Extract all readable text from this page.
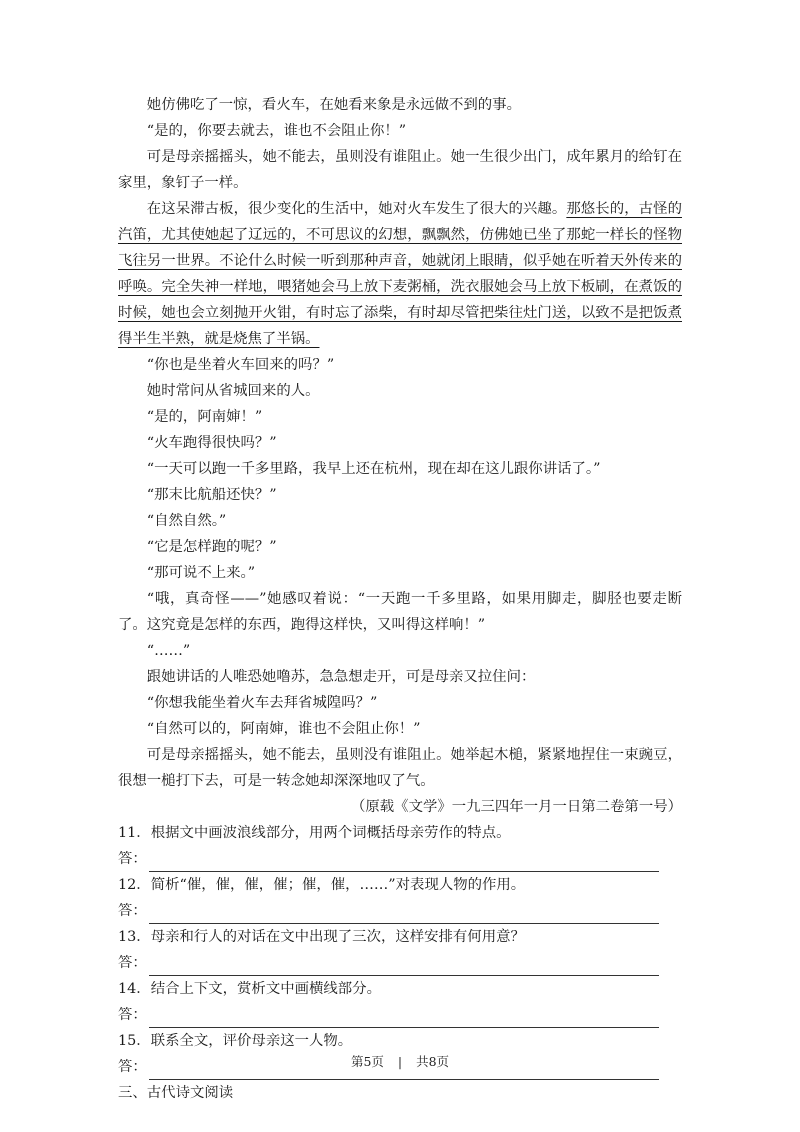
她仿佛吃了一惊，看火车，在她看来象是永远做不到的事。

“是的，你要去就去，谁也不会阻止你！”

可是母亲摇摇头，她不能去，虽则没有谁阻止。她一生很少出门，成年累月的给钉在家里，象钉子一样。

在这呆滞古板，很少变化的生活中，她对火车发生了很大的兴趣。那悠长的，古怪的汽笛，尤其使她起了辽远的，不可思议的幻想，飘飘然，仿佛她已坐了那蛇一样长的怪物飞往另一世界。不论什么时候一听到那种声音，她就闭上眼睛，似乎她在听着天外传来的呼唤。完全失神一样地，喂猪她会马上放下麦粥桶，洗衣服她会马上放下板刷，在煮饭的时候，她也会立刻抛开火钳，有时忘了添柴，有时却尽管把柴往灶门送，以致不是把饭煮得半生半熟，就是烧焦了半锅。

“你也是坐着火车回来的吗？”

她时常问从省城回来的人。

“是的，阿南婶！”

“火车跑得很快吗？”

“一天可以跑一千多里路，我早上还在杭州，现在却在这儿跟你讲话了。”

“那末比航船还快？”

“自然自然。”

“它是怎样跑的呢？”

“那可说不上来。”

“哦，真奇怪——”她感叹着说：“一天跑一千多里路，如果用脚走，脚胫也要走断了。这究竟是怎样的东西，跑得这样快，又叫得这样响！”

“……”

跟她讲话的人唯恐她噜苏，急急想走开，可是母亲又拉住问：

“你想我能坐着火车去拜省城隍吗？”

“自然可以的，阿南婶，谁也不会阻止你！”

可是母亲摇摇头，她不能去，虽则没有谁阻止。她举起木槌，紧紧地捏住一束豌豆，很想一槌打下去，可是一转念她却深深地叹了气。

（原载《文学》一九三四年一月一日第二卷第一号）

11．根据文中画波浪线部分，用两个词概括母亲劳作的特点。

答：

12．简析“催，催，催，催；催，催，……”对表现人物的作用。

答：

13．母亲和行人的对话在文中出现了三次，这样安排有何用意？

答：

14．结合上下文，赏析文中画横线部分。

答：

15．联系全文，评价母亲这一人物。

答：

三、古代诗文阅读

第5页 | 共8页
